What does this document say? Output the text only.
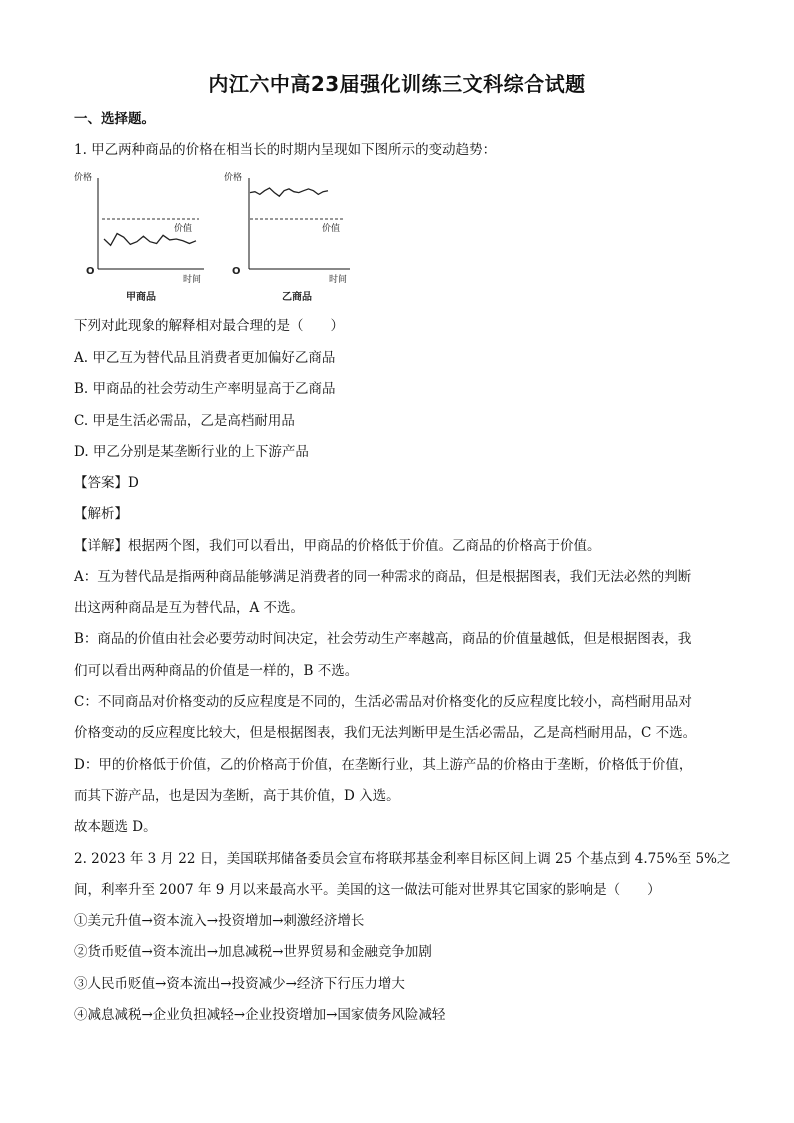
内江六中高23届强化训练三文科综合试题
一、选择题。
1. 甲乙两种商品的价格在相当长的时期内呈现如下图所示的变动趋势：
价格
时间
O
价值
甲商品
价格
时间
O
价值
乙商品
下列对此现象的解释相对最合理的是（　　）
A. 甲乙互为替代品且消费者更加偏好乙商品
B. 甲商品的社会劳动生产率明显高于乙商品
C. 甲是生活必需品，乙是高档耐用品
D. 甲乙分别是某垄断行业的上下游产品
【答案】D
【解析】
【详解】根据两个图，我们可以看出，甲商品的价格低于价值。乙商品的价格高于价值。
A：互为替代品是指两种商品能够满足消费者的同一种需求的商品，但是根据图表，我们无法必然的判断
出这两种商品是互为替代品，A 不选。
B：商品的价值由社会必要劳动时间决定，社会劳动生产率越高，商品的价值量越低，但是根据图表，我
们可以看出两种商品的价值是一样的，B 不选。
C：不同商品对价格变动的反应程度是不同的，生活必需品对价格变化的反应程度比较小，高档耐用品对
价格变动的反应程度比较大，但是根据图表，我们无法判断甲是生活必需品，乙是高档耐用品，C 不选。
D：甲的价格低于价值，乙的价格高于价值，在垄断行业，其上游产品的价格由于垄断，价格低于价值，
而其下游产品，也是因为垄断，高于其价值，D 入选。
故本题选 D。
2. 2023 年 3 月 22 日，美国联邦储备委员会宣布将联邦基金利率目标区间上调 25 个基点到 4.75%至 5%之
间，利率升至 2007 年 9 月以来最高水平。美国的这一做法可能对世界其它国家的影响是（　　）
①美元升值→资本流入→投资增加→刺激经济增长
②货币贬值→资本流出→加息减税→世界贸易和金融竞争加剧
③人民币贬值→资本流出→投资减少→经济下行压力增大
④减息减税→企业负担减轻→企业投资增加→国家债务风险减轻
